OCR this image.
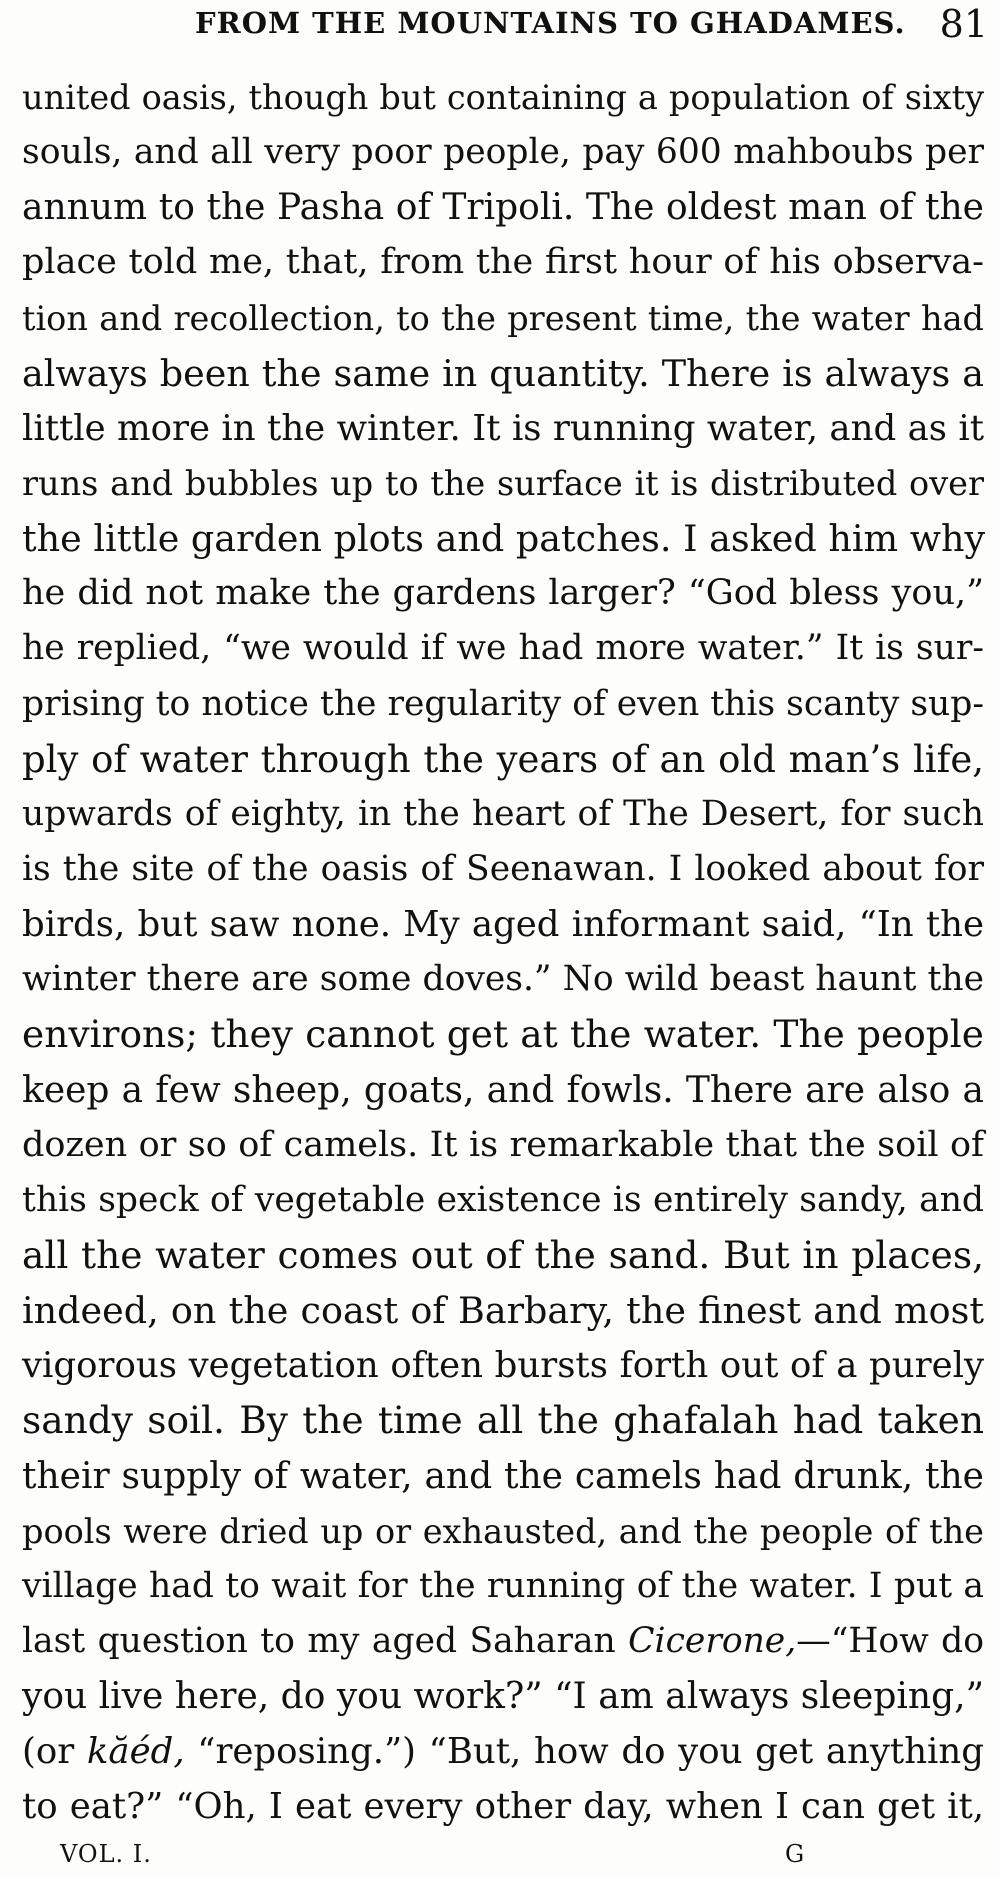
FROM THE MOUNTAINS TO GHADAMES. 81
united oasis, though but containing a population of sixty
souls, and all very poor people, pay 600 mahboubs per
annum to the Pasha of Tripoli. The oldest man of the
place told me, that, from the first hour of his observa-
tion and recollection, to the present time, the water had
always been the same in quantity. There is always a
little more in the winter. It is running water, and as it
runs and bubbles up to the surface it is distributed over
the little garden plots and patches. I asked him why
he did not make the gardens larger? “God bless you,”
he replied, “we would if we had more water.” It is sur-
prising to notice the regularity of even this scanty sup-
ply of water through the years of an old man’s life,
upwards of eighty, in the heart of The Desert, for such
is the site of the oasis of Seenawan. I looked about for
birds, but saw none. My aged informant said, “In the
winter there are some doves.” No wild beast haunt the
environs; they cannot get at the water. The people
keep a few sheep, goats, and fowls. There are also a
dozen or so of camels. It is remarkable that the soil of
this speck of vegetable existence is entirely sandy, and
all the water comes out of the sand. But in places,
indeed, on the coast of Barbary, the finest and most
vigorous vegetation often bursts forth out of a purely
sandy soil. By the time all the ghafalah had taken
their supply of water, and the camels had drunk, the
pools were dried up or exhausted, and the people of the
village had to wait for the running of the water. I put a
last question to my aged Saharan Cicerone,—“How do
you live here, do you work?” “I am always sleeping,”
(or kăéd, “reposing.”) “But, how do you get anything
to eat?” “Oh, I eat every other day, when I can get it,
VOL. I.	G
